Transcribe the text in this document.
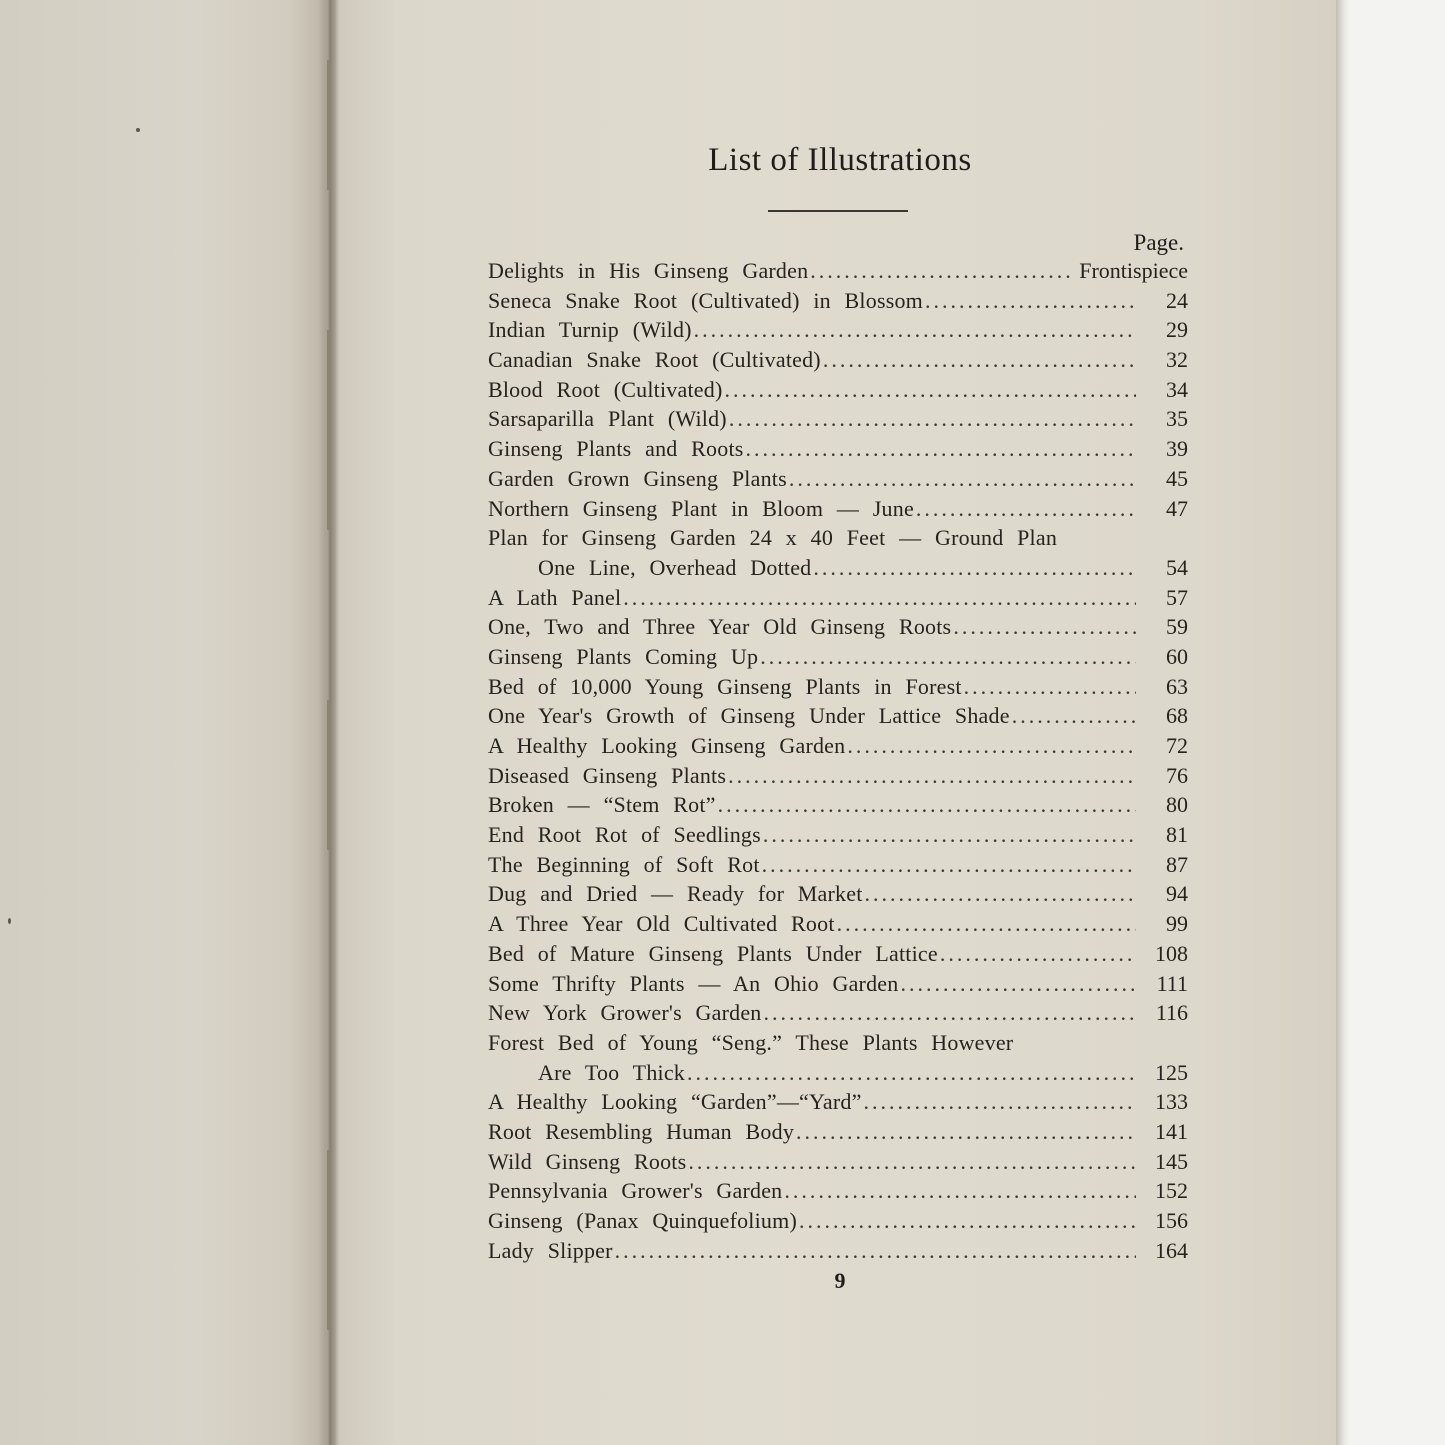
List of Illustrations
Page.
Delights in His Ginseng Garden .....	Frontispiece
Seneca Snake Root (Cultivated) in Blossom .....	24
Indian Turnip (Wild) .....	29
Canadian Snake Root (Cultivated) .....	32
Blood Root (Cultivated) .....	34
Sarsaparilla Plant (Wild) .....	35
Ginseng Plants and Roots .....	39
Garden Grown Ginseng Plants .....	45
Northern Ginseng Plant in Bloom — June .....	47
Plan for Ginseng Garden 24 x 40 Feet — Ground Plan
One Line, Overhead Dotted .....	54
A Lath Panel .....	57
One, Two and Three Year Old Ginseng Roots .....	59
Ginseng Plants Coming Up .....	60
Bed of 10,000 Young Ginseng Plants in Forest .....	63
One Year's Growth of Ginseng Under Lattice Shade .....	68
A Healthy Looking Ginseng Garden .....	72
Diseased Ginseng Plants .....	76
Broken — “Stem Rot” .....	80
End Root Rot of Seedlings .....	81
The Beginning of Soft Rot .....	87
Dug and Dried — Ready for Market .....	94
A Three Year Old Cultivated Root .....	99
Bed of Mature Ginseng Plants Under Lattice .....	108
Some Thrifty Plants — An Ohio Garden .....	111
New York Grower's Garden .....	116
Forest Bed of Young “Seng.” These Plants However
Are Too Thick .....	125
A Healthy Looking “Garden”—“Yard” .....	133
Root Resembling Human Body .....	141
Wild Ginseng Roots .....	145
Pennsylvania Grower's Garden .....	152
Ginseng (Panax Quinquefolium) .....	156
Lady Slipper .....	164
9
